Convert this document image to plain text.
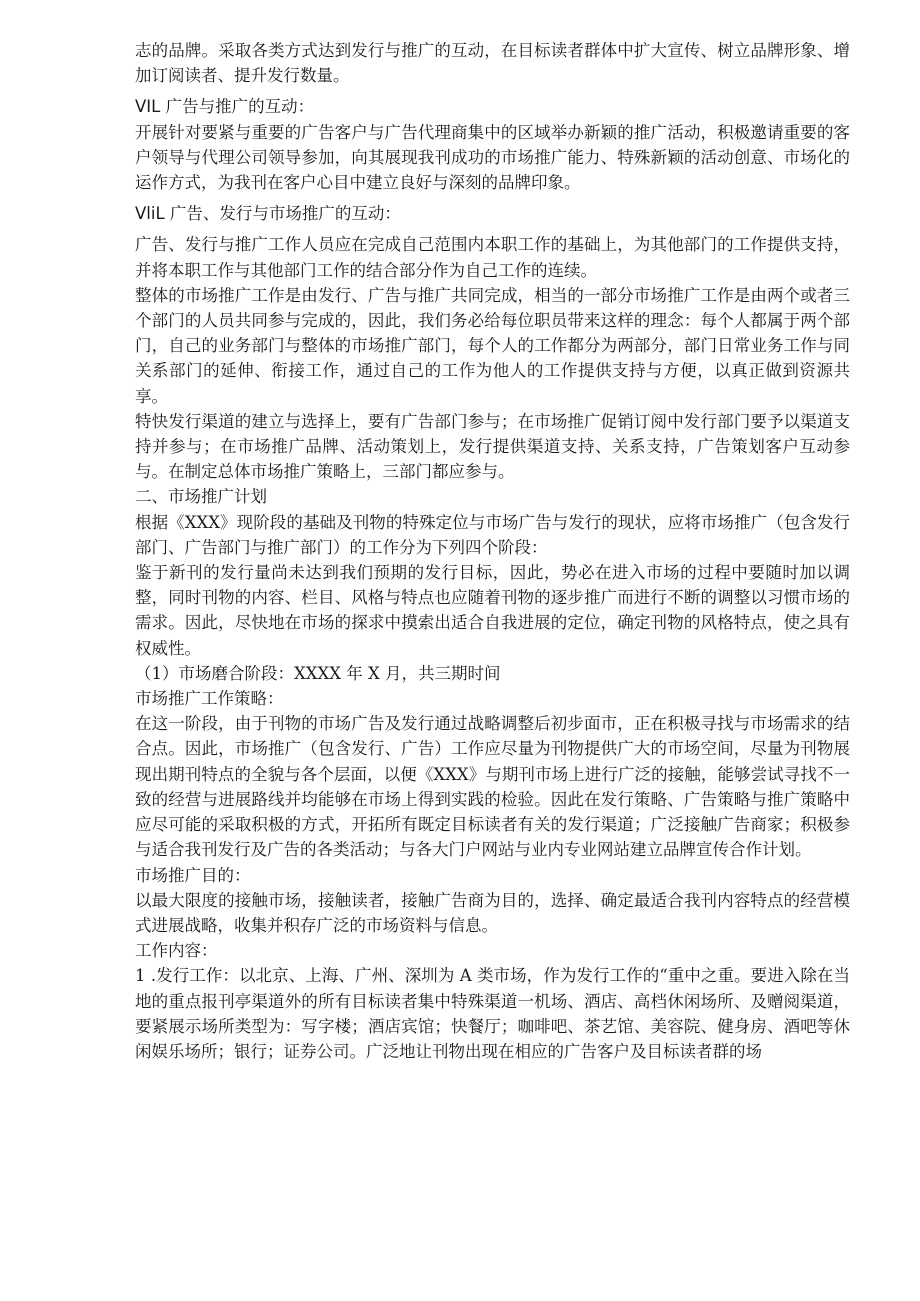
志的品牌。采取各类方式达到发行与推广的互动，在目标读者群体中扩大宣传、树立品牌形象、增加订阅读者、提升发行数量。

VIL 广告与推广的互动：

开展针对要紧与重要的广告客户与广告代理商集中的区域举办新颖的推广活动，积极邀请重要的客户领导与代理公司领导参加，向其展现我刊成功的市场推广能力、特殊新颖的活动创意、市场化的运作方式，为我刊在客户心目中建立良好与深刻的品牌印象。

VliL 广告、发行与市场推广的互动：

广告、发行与推广工作人员应在完成自己范围内本职工作的基础上，为其他部门的工作提供支持，并将本职工作与其他部门工作的结合部分作为自己工作的连续。

整体的市场推广工作是由发行、广告与推广共同完成，相当的一部分市场推广工作是由两个或者三个部门的人员共同参与完成的，因此，我们务必给每位职员带来这样的理念：每个人都属于两个部门，自己的业务部门与整体的市场推广部门，每个人的工作都分为两部分，部门日常业务工作与同关系部门的延伸、衔接工作，通过自己的工作为他人的工作提供支持与方便，以真正做到资源共享。

特快发行渠道的建立与选择上，要有广告部门参与；在市场推广促销订阅中发行部门要予以渠道支持并参与；在市场推广品牌、活动策划上，发行提供渠道支持、关系支持，广告策划客户互动参与。在制定总体市场推广策略上，三部门都应参与。

二、市场推广计划

根据《XXX》现阶段的基础及刊物的特殊定位与市场广告与发行的现状，应将市场推广（包含发行部门、广告部门与推广部门）的工作分为下列四个阶段：

鉴于新刊的发行量尚未达到我们预期的发行目标，因此，势必在进入市场的过程中要随时加以调整，同时刊物的内容、栏目、风格与特点也应随着刊物的逐步推广而进行不断的调整以习惯市场的需求。因此，尽快地在市场的探求中摸索出适合自我进展的定位，确定刊物的风格特点，使之具有权威性。

（1）市场磨合阶段：XXXX 年 X 月，共三期时间

市场推广工作策略：

在这一阶段，由于刊物的市场广告及发行通过战略调整后初步面市，正在积极寻找与市场需求的结合点。因此，市场推广（包含发行、广告）工作应尽量为刊物提供广大的市场空间，尽量为刊物展现出期刊特点的全貌与各个层面，以便《XXX》与期刊市场上进行广泛的接触，能够尝试寻找不一致的经营与进展路线并均能够在市场上得到实践的检验。因此在发行策略、广告策略与推广策略中应尽可能的采取积极的方式，开拓所有既定目标读者有关的发行渠道；广泛接触广告商家；积极参与适合我刊发行及广告的各类活动；与各大门户网站与业内专业网站建立品牌宣传合作计划。

市场推广目的：

以最大限度的接触市场，接触读者，接触广告商为目的，选择、确定最适合我刊内容特点的经营模式进展战略，收集并积存广泛的市场资料与信息。

工作内容：

1 .发行工作：以北京、上海、广州、深圳为 A 类市场，作为发行工作的“重中之重。要进入除在当地的重点报刊亭渠道外的所有目标读者集中特殊渠道一机场、酒店、高档休闲场所、及赠阅渠道，要紧展示场所类型为：写字楼；酒店宾馆；快餐厅；咖啡吧、茶艺馆、美容院、健身房、酒吧等休闲娱乐场所；银行；证券公司。广泛地让刊物出现在相应的广告客户及目标读者群的场
